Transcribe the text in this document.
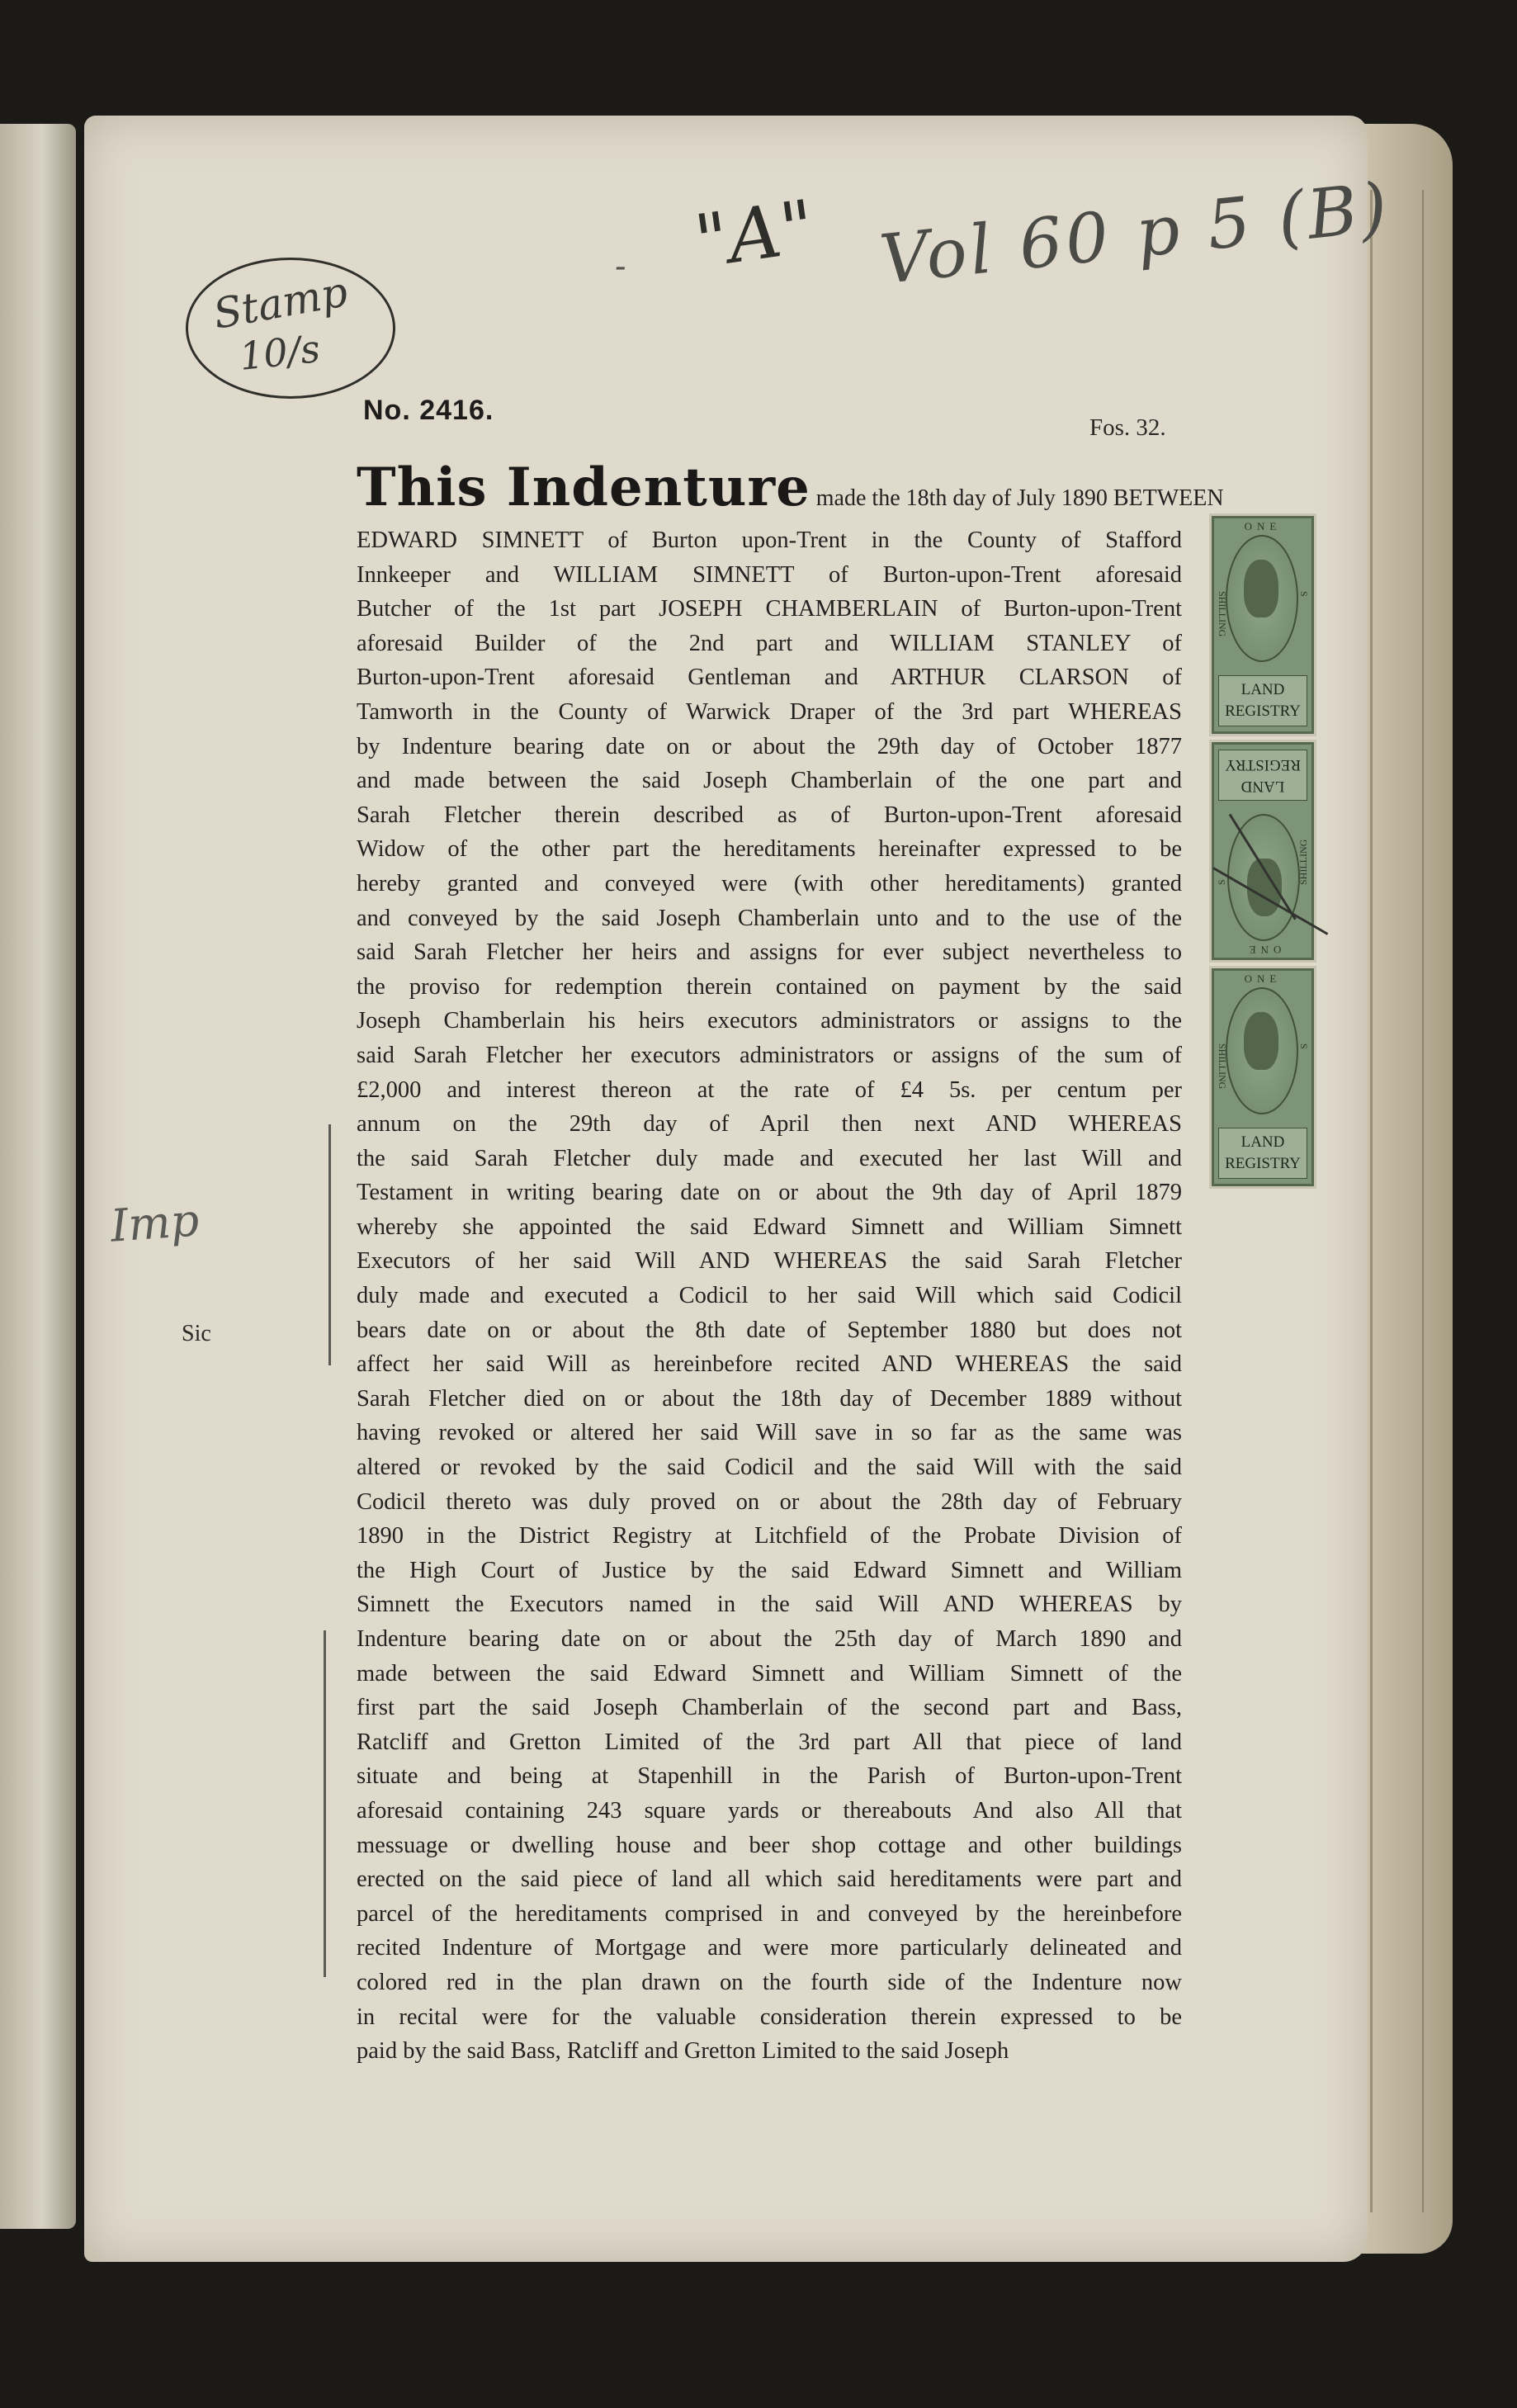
Stamp
10/s
- "A" Vol 60 p 5 (B)
No. 2416.
Fos. 32.
Imp
Sic
This Indenture made the 18th day of July 1890 BETWEEN
EDWARD SIMNETT of Burton upon-Trent in the County of Stafford
Innkeeper and WILLIAM SIMNETT of Burton-upon-Trent aforesaid
Butcher of the 1st part JOSEPH CHAMBERLAIN of Burton-upon-Trent
aforesaid Builder of the 2nd part and WILLIAM STANLEY of
Burton-upon-Trent aforesaid Gentleman and ARTHUR CLARSON of
Tamworth in the County of Warwick Draper of the 3rd part WHEREAS
by Indenture bearing date on or about the 29th day of October 1877
and made between the said Joseph Chamberlain of the one part and
Sarah Fletcher therein described as of Burton-upon-Trent aforesaid
Widow of the other part the hereditaments hereinafter expressed to be
hereby granted and conveyed were (with other hereditaments) granted
and conveyed by the said Joseph Chamberlain unto and to the use of the
said Sarah Fletcher her heirs and assigns for ever subject nevertheless to
the proviso for redemption therein contained on payment by the said
Joseph Chamberlain his heirs executors administrators or assigns to the
said Sarah Fletcher her executors administrators or assigns of the sum of
£2,000 and interest thereon at the rate of £4 5s. per centum per
annum on the 29th day of April then next AND WHEREAS
the said Sarah Fletcher duly made and executed her last Will and
Testament in writing bearing date on or about the 9th day of April 1879
whereby she appointed the said Edward Simnett and William Simnett
Executors of her said Will AND WHEREAS the said Sarah Fletcher
duly made and executed a Codicil to her said Will which said Codicil
bears date on or about the 8th date of September 1880 but does not
affect her said Will as hereinbefore recited AND WHEREAS the said
Sarah Fletcher died on or about the 18th day of December 1889 without
having revoked or altered her said Will save in so far as the same was
altered or revoked by the said Codicil and the said Will with the said
Codicil thereto was duly proved on or about the 28th day of February
1890 in the District Registry at Litchfield of the Probate Division of
the High Court of Justice by the said Edward Simnett and William
Simnett the Executors named in the said Will AND WHEREAS by
Indenture bearing date on or about the 25th day of March 1890 and
made between the said Edward Simnett and William Simnett of the
first part the said Joseph Chamberlain of the second part and Bass,
Ratcliff and Gretton Limited of the 3rd part All that piece of land
situate and being at Stapenhill in the Parish of Burton-upon-Trent
aforesaid containing 243 square yards or thereabouts And also All that
messuage or dwelling house and beer shop cottage and other buildings
erected on the said piece of land all which said hereditaments were part and
parcel of the hereditaments comprised in and conveyed by the hereinbefore
recited Indenture of Mortgage and were more particularly delineated and
colored red in the plan drawn on the fourth side of the Indenture now
in recital were for the valuable consideration therein expressed to be
paid by the said Bass, Ratcliff and Gretton Limited to the said Joseph
ONE
SHILLING	S
LAND
REGISTRY
ONE
SHILLING
S
LAND
REGISTRY
ONE
SHILLING	S
LAND
REGISTRY
